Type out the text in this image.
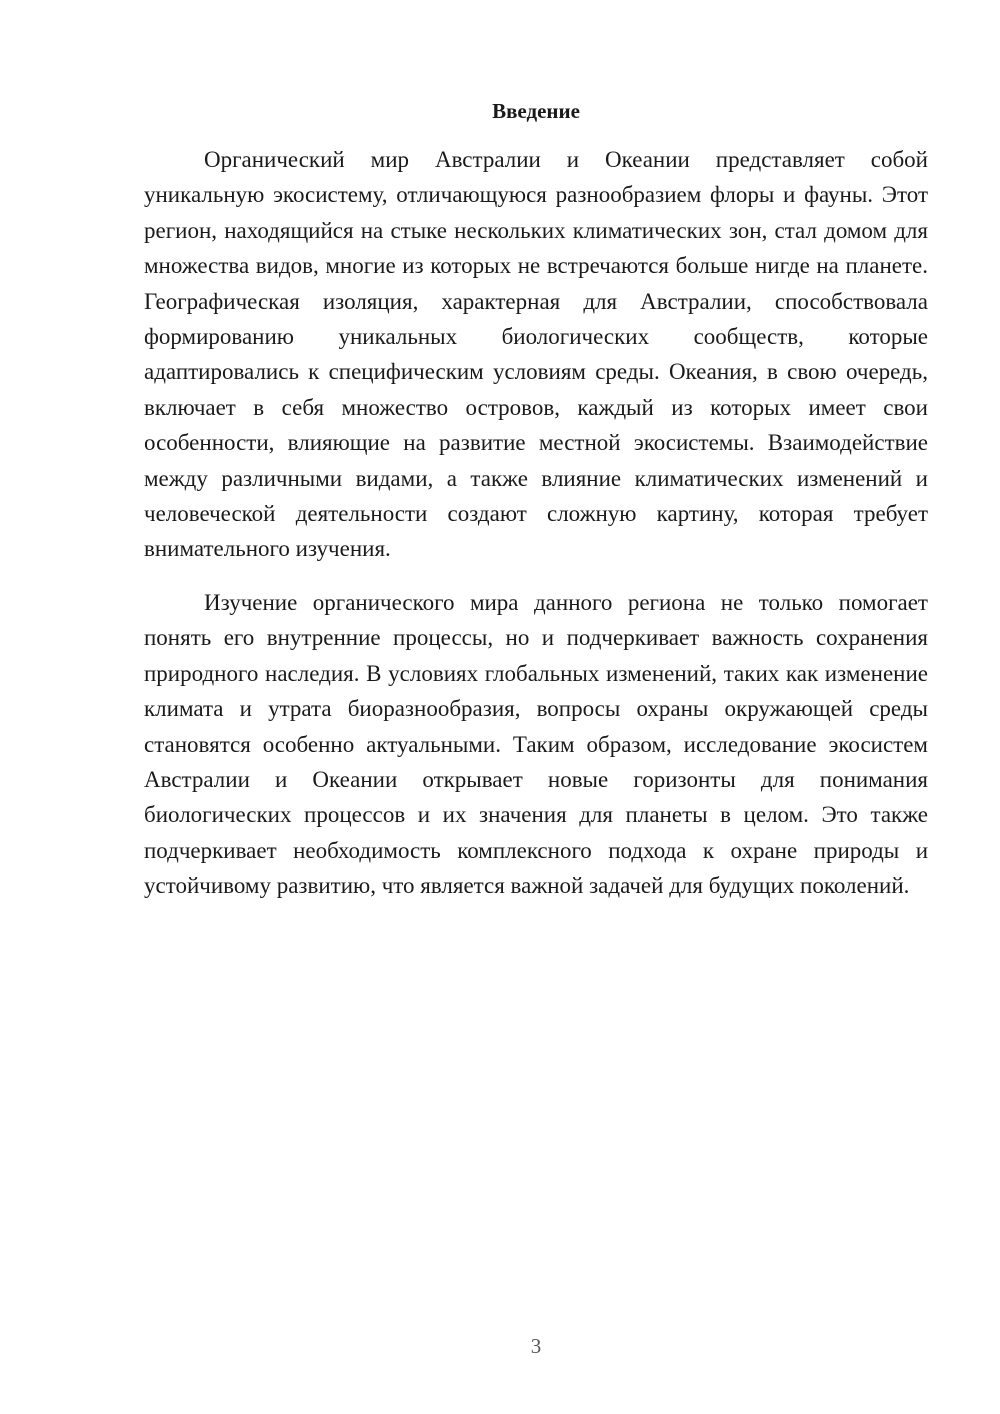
Введение

Органический мир Австралии и Океании представляет собой уникальную экосистему, отличающуюся разнообразием флоры и фауны. Этот регион, находящийся на стыке нескольких климатических зон, стал домом для множества видов, многие из которых не встречаются больше нигде на планете. Географическая изоляция, характерная для Австралии, способствовала формированию уникальных биологических сообществ, которые адаптировались к специфическим условиям среды. Океания, в свою очередь, включает в себя множество островов, каждый из которых имеет свои особенности, влияющие на развитие местной экосистемы. Взаимодействие между различными видами, а также влияние климатических изменений и человеческой деятельности создают сложную картину, которая требует внимательного изучения.

Изучение органического мира данного региона не только помогает понять его внутренние процессы, но и подчеркивает важность сохранения природного наследия. В условиях глобальных изменений, таких как изменение климата и утрата биоразнообразия, вопросы охраны окружающей среды становятся особенно актуальными. Таким образом, исследование экосистем Австралии и Океании открывает новые горизонты для понимания биологических процессов и их значения для планеты в целом. Это также подчеркивает необходимость комплексного подхода к охране природы и устойчивому развитию, что является важной задачей для будущих поколений.

3
